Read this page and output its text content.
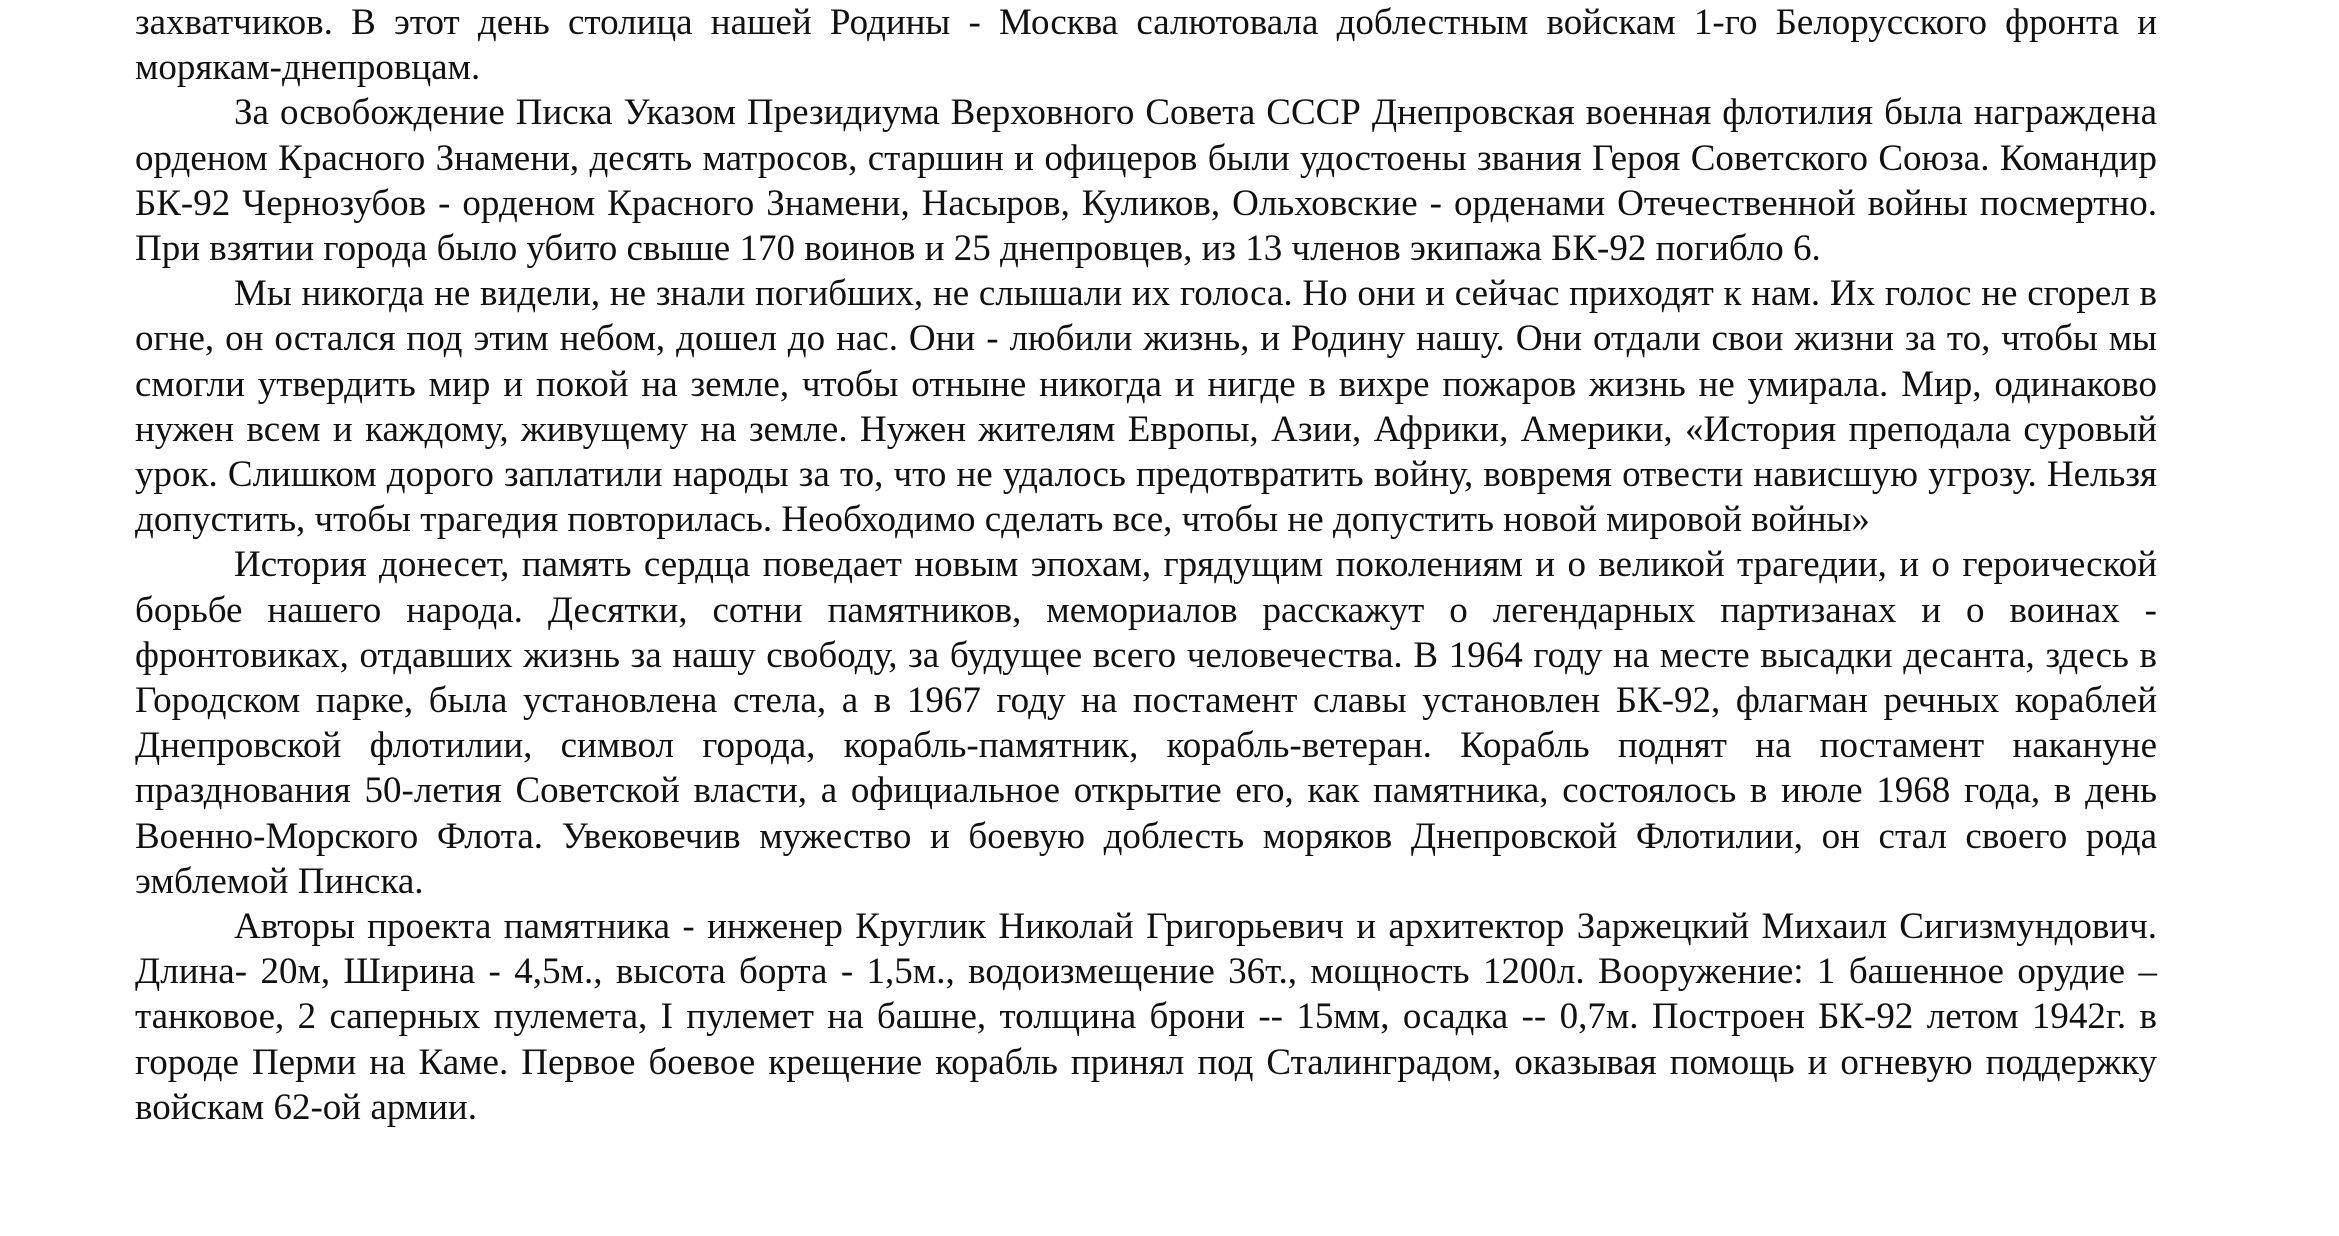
захватчиков. В этот день столица нашей Родины - Москва салютовала доблестным войскам 1-го Белорусского фронта и морякам-днепровцам.

За освобождение Писка Указом Президиума Верховного Совета СССР Днепровская военная флотилия была награждена орденом Красного Знамени, десять матросов, старшин и офицеров были удостоены звания Героя Советского Союза. Командир БК-92 Чернозубов - орденом Красного Знамени, Насыров, Куликов, Ольховские - орденами Отечественной войны посмертно. При взятии города было убито свыше 170 воинов и 25 днепровцев, из 13 членов экипажа БК-92 погибло 6.

Мы никогда не видели, не знали погибших, не слышали их голоса. Но они и сейчас приходят к нам. Их голос не сгорел в огне, он остался под этим небом, дошел до нас. Они - любили жизнь, и Родину нашу. Они отдали свои жизни за то, чтобы мы смогли утвердить мир и покой на земле, чтобы отныне никогда и нигде в вихре пожаров жизнь не умирала. Мир, одинаково нужен всем и каждому, живущему на земле. Нужен жителям Европы, Азии, Африки, Америки, «История преподала суровый урок. Слишком дорого заплатили народы за то, что не удалось предотвратить войну, вовремя отвести нависшую угрозу. Нельзя допустить, чтобы трагедия повторилась. Необходимо сделать все, чтобы не допустить новой мировой войны»

История донесет, память сердца поведает новым эпохам, грядущим поколениям и о великой трагедии, и о героической борьбе нашего народа. Десятки, сотни памятников, мемориалов расскажут о легендарных партизанах и о воинах - фронтовиках, отдавших жизнь за нашу свободу, за будущее всего человечества. В 1964 году на месте высадки десанта, здесь в Городском парке, была установлена стела, а в 1967 году на постамент славы установлен БК-92, флагман речных кораблей Днепровской флотилии, символ города, корабль-памятник, корабль-ветеран. Корабль поднят на постамент накануне празднования 50-летия Советской власти, а официальное открытие его, как памятника, состоялось в июле 1968 года, в день Военно-Морского Флота. Увековечив мужество и боевую доблесть моряков Днепровской Флотилии, он стал своего рода эмблемой Пинска.

Авторы проекта памятника - инженер Круглик Николай Григорьевич и архитектор Заржецкий Михаил Сигизмундович. Длина- 20м, Ширина - 4,5м., высота борта - 1,5м., водоизмещение 36т., мощность 1200л. Вооружение: 1 башенное орудие – танковое, 2 саперных пулемета, I пулемет на башне, толщина брони -- 15мм, осадка -- 0,7м. Построен БК-92 летом 1942г. в городе Перми на Каме. Первое боевое крещение корабль принял под Сталинградом, оказывая помощь и огневую поддержку войскам 62-ой армии.
